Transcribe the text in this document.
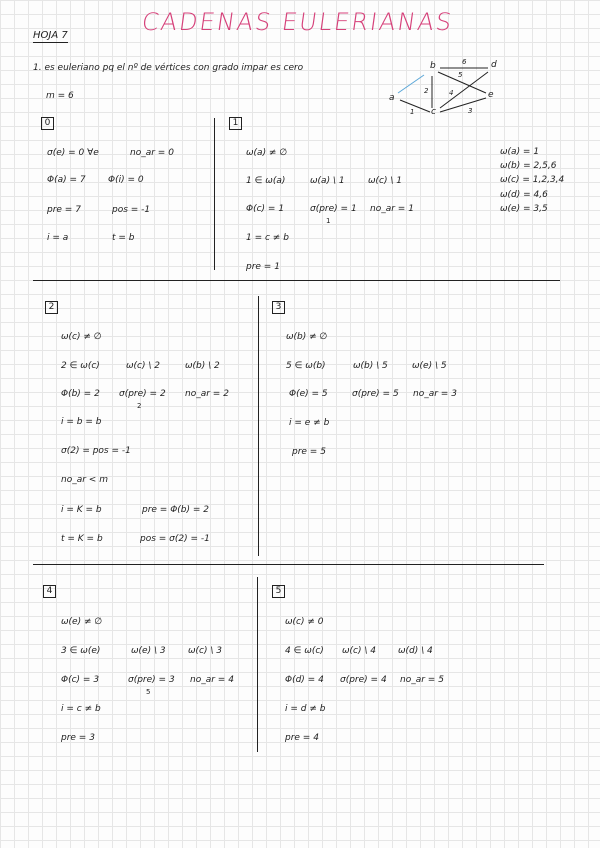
CADENAS EULERIANAS
HOJA 7
1. es euleriano pq el nº de vértices con grado impar es cero
m = 6
b	d
a	e
c
1
2
3
4
5
6
ω(a) = 1
ω(b) = 2,5,6
ω(c) = 1,2,3,4
ω(d) = 4,6
ω(e) = 3,5
0
σ(e) = 0 ∀e	no_ar = 0
Φ(a) = 7 Φ(i) = 0
pre = 7	pos = -1
i = a	t = b
1
ω(a) ≠ ∅
1 ∈ ω(a)	ω(a) \ 1	ω(c) \ 1
Φ(c) = 1	σ(pre) = 1
1
no_ar = 1
1 = c ≠ b
pre = 1
2
ω(c) ≠ ∅
2 ∈ ω(c)	ω(c) \ 2	ω(b) \ 2
Φ(b) = 2 σ(pre) = 2
2
no_ar = 2
i = b = b
σ(2) = pos = -1
no_ar < m
i = K = b	pre = Φ(b) = 2
t = K = b	pos = σ(2) = -1
3
ω(b) ≠ ∅
5 ∈ ω(b)	ω(b) \ 5	ω(e) \ 5
Φ(e) = 5	σ(pre) = 5 no_ar = 3
i = e ≠ b
pre = 5
4
ω(e) ≠ ∅
3 ∈ ω(e)	ω(e) \ 3 ω(c) \ 3
Φ(c) = 3	σ(pre) = 3
5
no_ar = 4
i = c ≠ b
pre = 3
5
ω(c) ≠ 0
4 ∈ ω(c) ω(c) \ 4 ω(d) \ 4
Φ(d) = 4 σ(pre) = 4 no_ar = 5
i = d ≠ b
pre = 4
